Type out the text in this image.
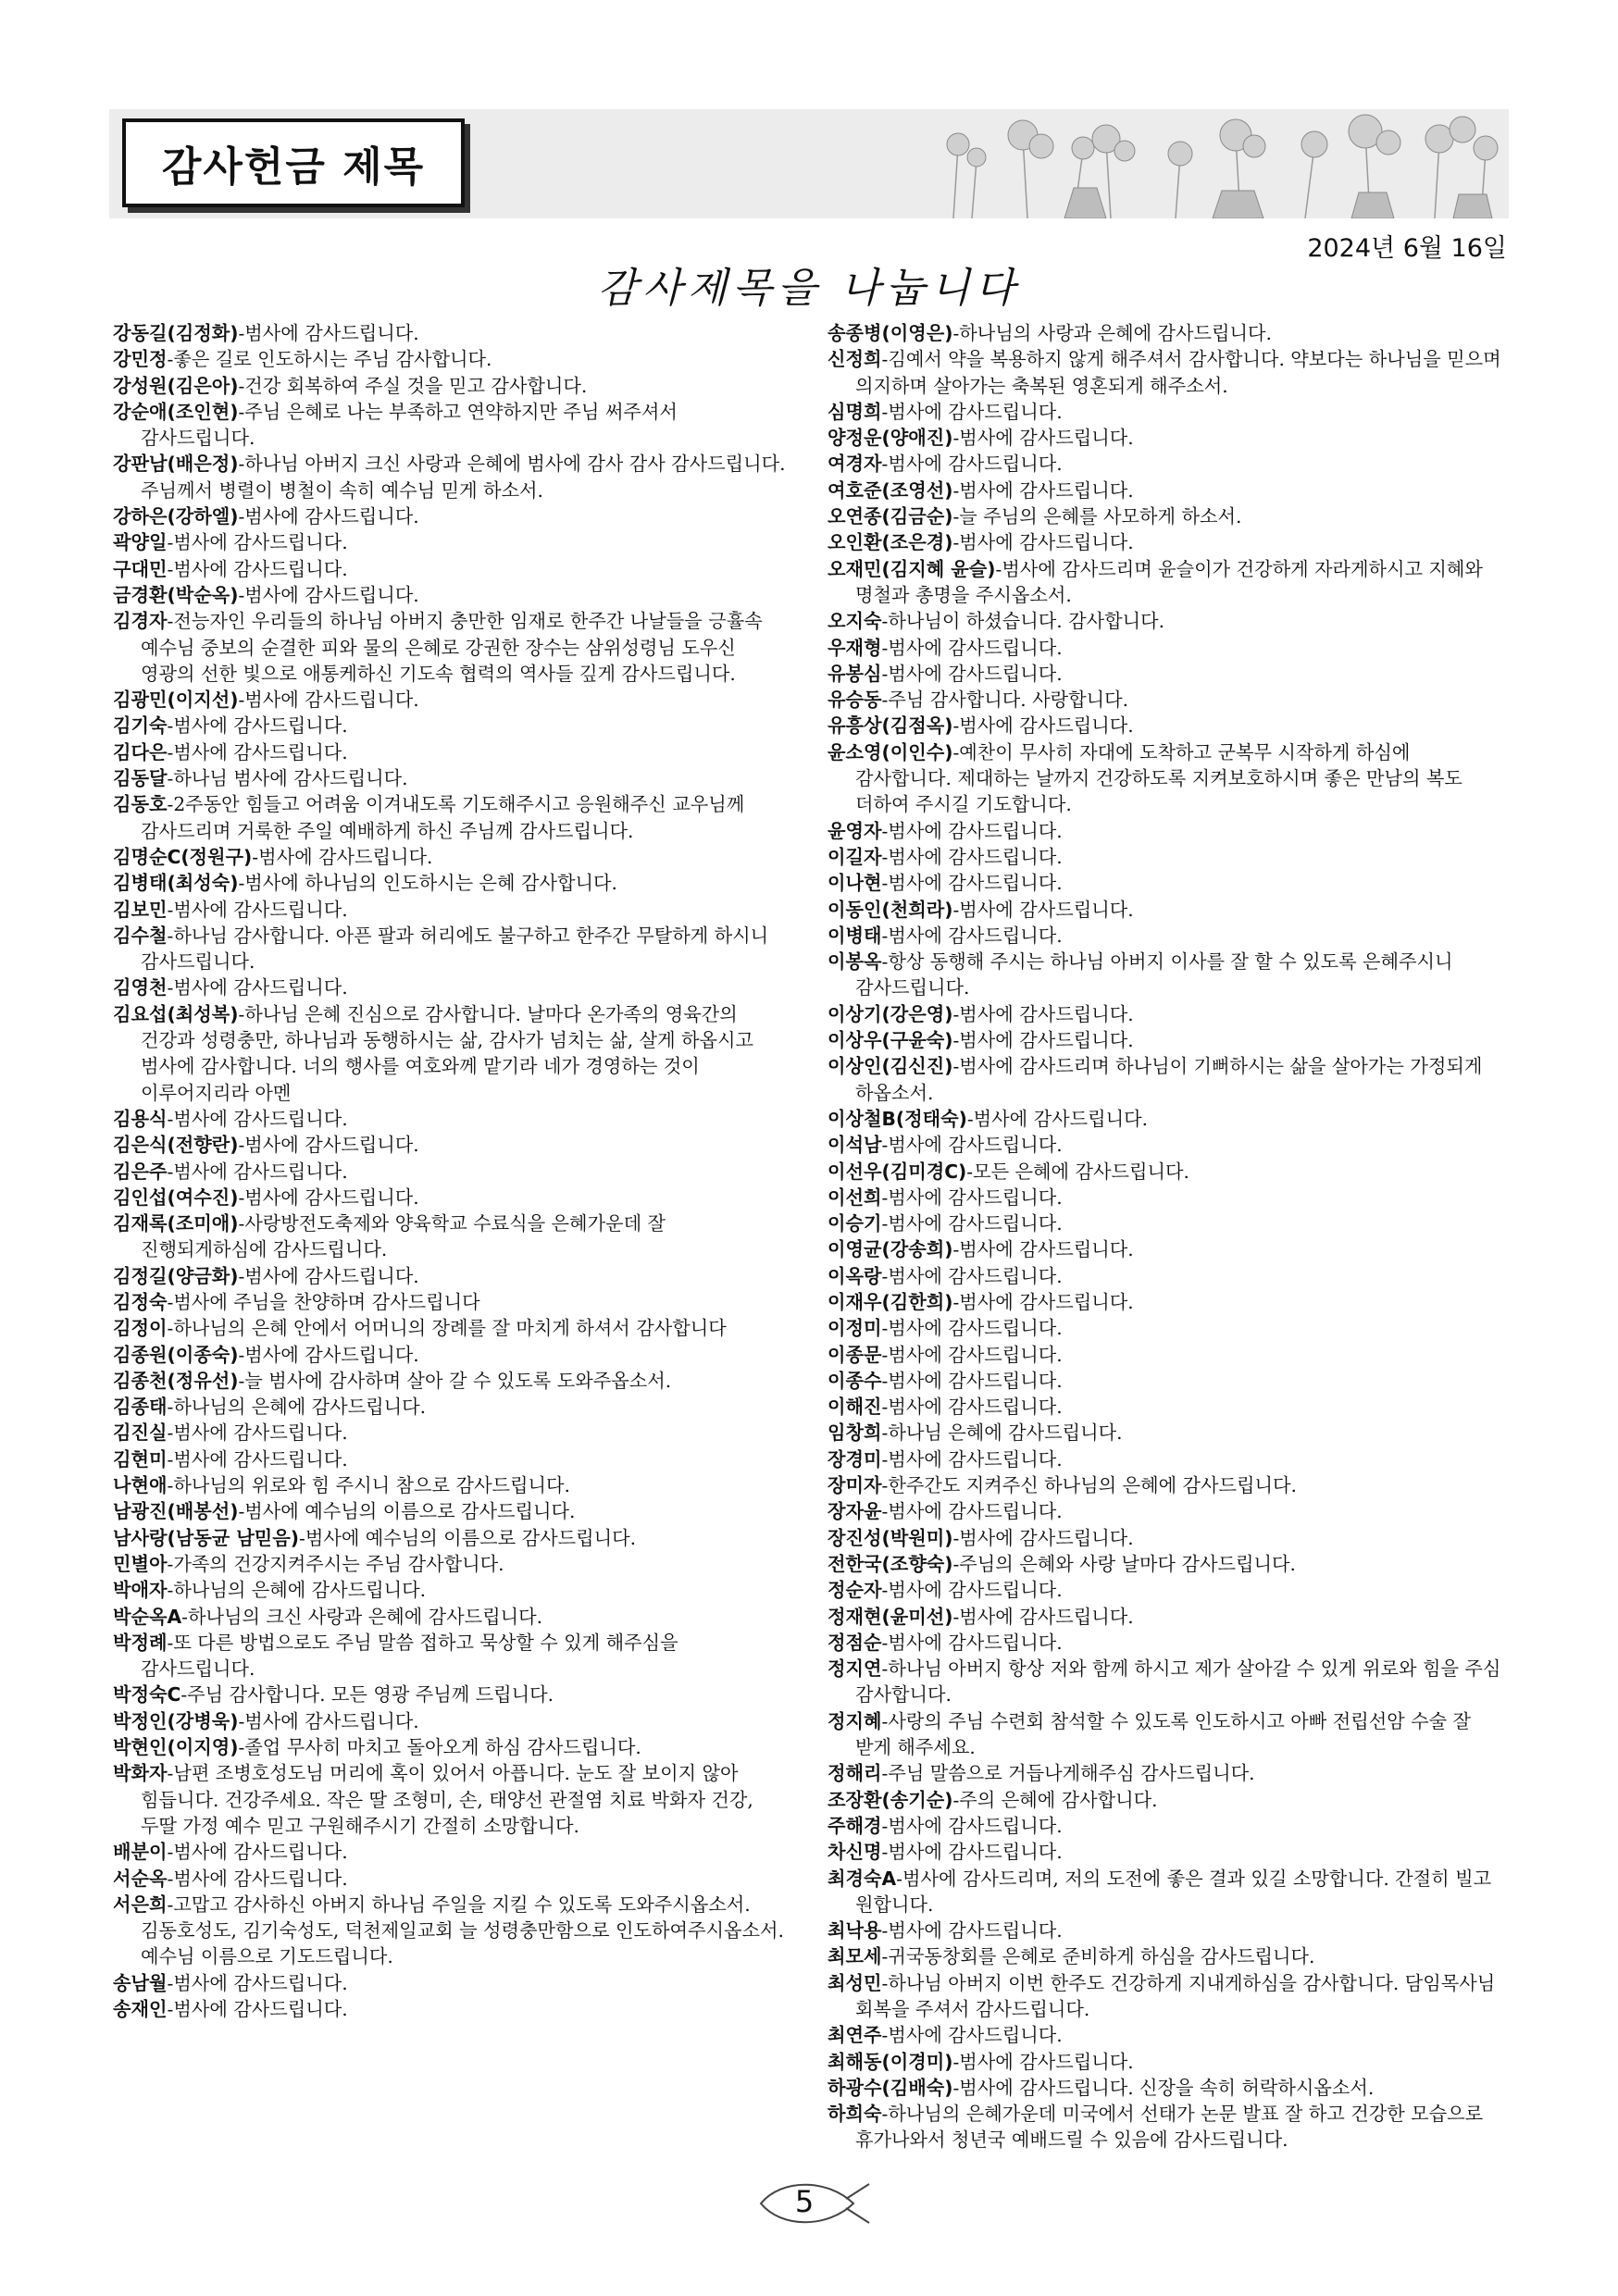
감사헌금 제목
2024년 6월 16일
감사제목을 나눕니다
강동길(김정화)-범사에 감사드립니다.
강민정-좋은 길로 인도하시는 주님 감사합니다.
강성원(김은아)-건강 회복하여 주실 것을 믿고 감사합니다.
강순애(조인현)-주님 은혜로 나는 부족하고 연약하지만 주님 써주셔서 감사드립니다.
강판남(배은정)-하나님 아버지 크신 사랑과 은혜에 범사에 감사 감사 감사드립니다. 주님께서 병렬이 병철이 속히 예수님 믿게 하소서.
강하은(강하엘)-범사에 감사드립니다.
곽양일-범사에 감사드립니다.
구대민-범사에 감사드립니다.
금경환(박순옥)-범사에 감사드립니다.
김경자-전능자인 우리들의 하나님 아버지 충만한 임재로 한주간 나날들을 긍휼속 예수님 중보의 순결한 피와 물의 은혜로 강권한 장수는 삼위성령님 도우신 영광의 선한 빛으로 애통케하신 기도속 협력의 역사들 깊게 감사드립니다.
김광민(이지선)-범사에 감사드립니다.
김기숙-범사에 감사드립니다.
김다은-범사에 감사드립니다.
김동달-하나님 범사에 감사드립니다.
김동호-2주동안 힘들고 어려움 이겨내도록 기도해주시고 응원해주신 교우님께 감사드리며 거룩한 주일 예배하게 하신 주님께 감사드립니다.
김명순C(정원구)-범사에 감사드립니다.
김병태(최성숙)-범사에 하나님의 인도하시는 은혜 감사합니다.
김보민-범사에 감사드립니다.
김수철-하나님 감사합니다. 아픈 팔과 허리에도 불구하고 한주간 무탈하게 하시니 감사드립니다.
김영천-범사에 감사드립니다.
김요섭(최성복)-하나님 은혜 진심으로 감사합니다. 날마다 온가족의 영육간의 건강과 성령충만, 하나님과 동행하시는 삶, 감사가 넘치는 삶, 살게 하옵시고 범사에 감사합니다. 너의 행사를 여호와께 맡기라 네가 경영하는 것이 이루어지리라 아멘
김용식-범사에 감사드립니다.
김은식(전향란)-범사에 감사드립니다.
김은주-범사에 감사드립니다.
김인섭(여수진)-범사에 감사드립니다.
김재록(조미애)-사랑방전도축제와 양육학교 수료식을 은혜가운데 잘 진행되게하심에 감사드립니다.
김정길(양금화)-범사에 감사드립니다.
김정숙-범사에 주님을 찬양하며 감사드립니다
김정이-하나님의 은혜 안에서 어머니의 장례를 잘 마치게 하셔서 감사합니다
김종원(이종숙)-범사에 감사드립니다.
김종천(정유선)-늘 범사에 감사하며 살아 갈 수 있도록 도와주옵소서.
김종태-하나님의 은혜에 감사드립니다.
김진실-범사에 감사드립니다.
김현미-범사에 감사드립니다.
나현애-하나님의 위로와 힘 주시니 참으로 감사드립니다.
남광진(배봉선)-범사에 예수님의 이름으로 감사드립니다.
남사랑(남동균 남믿음)-범사에 예수님의 이름으로 감사드립니다.
민별아-가족의 건강지켜주시는 주님 감사합니다.
박애자-하나님의 은혜에 감사드립니다.
박순옥A-하나님의 크신 사랑과 은혜에 감사드립니다.
박정례-또 다른 방법으로도 주님 말씀 접하고 묵상할 수 있게 해주심을 감사드립니다.
박정숙C-주님 감사합니다. 모든 영광 주님께 드립니다.
박정인(강병욱)-범사에 감사드립니다.
박현인(이지영)-졸업 무사히 마치고 돌아오게 하심 감사드립니다.
박화자-남편 조병호성도님 머리에 혹이 있어서 아픕니다. 눈도 잘 보이지 않아 힘듭니다. 건강주세요. 작은 딸 조형미, 손, 태양선 관절염 치료 박화자 건강, 두딸 가정 예수 믿고 구원해주시기 간절히 소망합니다.
배분이-범사에 감사드립니다.
서순옥-범사에 감사드립니다.
서은희-고맙고 감사하신 아버지 하나님 주일을 지킬 수 있도록 도와주시옵소서. 김동호성도, 김기숙성도, 덕천제일교회 늘 성령충만함으로 인도하여주시옵소서. 예수님 이름으로 기도드립니다.
송남월-범사에 감사드립니다.
송재인-범사에 감사드립니다.
송종병(이영은)-하나님의 사랑과 은혜에 감사드립니다.
신정희-김예서 약을 복용하지 않게 해주셔서 감사합니다. 약보다는 하나님을 믿으며 의지하며 살아가는 축복된 영혼되게 해주소서.
심명희-범사에 감사드립니다.
양정운(양애진)-범사에 감사드립니다.
여경자-범사에 감사드립니다.
여호준(조영선)-범사에 감사드립니다.
오연종(김금순)-늘 주님의 은혜를 사모하게 하소서.
오인환(조은경)-범사에 감사드립니다.
오재민(김지혜 윤슬)-범사에 감사드리며 윤슬이가 건강하게 자라게하시고 지혜와 명철과 총명을 주시옵소서.
오지숙-하나님이 하셨습니다. 감사합니다.
우재형-범사에 감사드립니다.
유봉심-범사에 감사드립니다.
유승동-주님 감사합니다. 사랑합니다.
유흥상(김점옥)-범사에 감사드립니다.
윤소영(이인수)-예찬이 무사히 자대에 도착하고 군복무 시작하게 하심에 감사합니다. 제대하는 날까지 건강하도록 지켜보호하시며 좋은 만남의 복도 더하여 주시길 기도합니다.
윤영자-범사에 감사드립니다.
이길자-범사에 감사드립니다.
이나현-범사에 감사드립니다.
이동인(천희라)-범사에 감사드립니다.
이병태-범사에 감사드립니다.
이봉옥-항상 동행해 주시는 하나님 아버지 이사를 잘 할 수 있도록 은혜주시니 감사드립니다.
이상기(강은영)-범사에 감사드립니다.
이상우(구윤숙)-범사에 감사드립니다.
이상인(김신진)-범사에 감사드리며 하나님이 기뻐하시는 삶을 살아가는 가정되게 하옵소서.
이상철B(정태숙)-범사에 감사드립니다.
이석남-범사에 감사드립니다.
이선우(김미경C)-모든 은혜에 감사드립니다.
이선희-범사에 감사드립니다.
이승기-범사에 감사드립니다.
이영균(강송희)-범사에 감사드립니다.
이옥랑-범사에 감사드립니다.
이재우(김한희)-범사에 감사드립니다.
이정미-범사에 감사드립니다.
이종문-범사에 감사드립니다.
이종수-범사에 감사드립니다.
이해진-범사에 감사드립니다.
임창희-하나님 은혜에 감사드립니다.
장경미-범사에 감사드립니다.
장미자-한주간도 지켜주신 하나님의 은혜에 감사드립니다.
장자윤-범사에 감사드립니다.
장진성(박원미)-범사에 감사드립니다.
전한국(조향숙)-주님의 은혜와 사랑 날마다 감사드립니다.
정순자-범사에 감사드립니다.
정재현(윤미선)-범사에 감사드립니다.
정점순-범사에 감사드립니다.
정지연-하나님 아버지 항상 저와 함께 하시고 제가 살아갈 수 있게 위로와 힘을 주심 감사합니다.
정지혜-사랑의 주님 수련회 참석할 수 있도록 인도하시고 아빠 전립선암 수술 잘 받게 해주세요.
정해리-주님 말씀으로 거듭나게해주심 감사드립니다.
조장환(송기순)-주의 은혜에 감사합니다.
주해경-범사에 감사드립니다.
차신명-범사에 감사드립니다.
최경숙A-범사에 감사드리며, 저의 도전에 좋은 결과 있길 소망합니다. 간절히 빌고 원합니다.
최낙용-범사에 감사드립니다.
최모세-귀국동창회를 은혜로 준비하게 하심을 감사드립니다.
최성민-하나님 아버지 이번 한주도 건강하게 지내게하심을 감사합니다. 담임목사님 회복을 주셔서 감사드립니다.
최연주-범사에 감사드립니다.
최해동(이경미)-범사에 감사드립니다.
하광수(김배숙)-범사에 감사드립니다. 신장을 속히 허락하시옵소서.
하희숙-하나님의 은혜가운데 미국에서 선태가 논문 발표 잘 하고 건강한 모습으로 휴가나와서 청년국 예배드릴 수 있음에 감사드립니다.
5
